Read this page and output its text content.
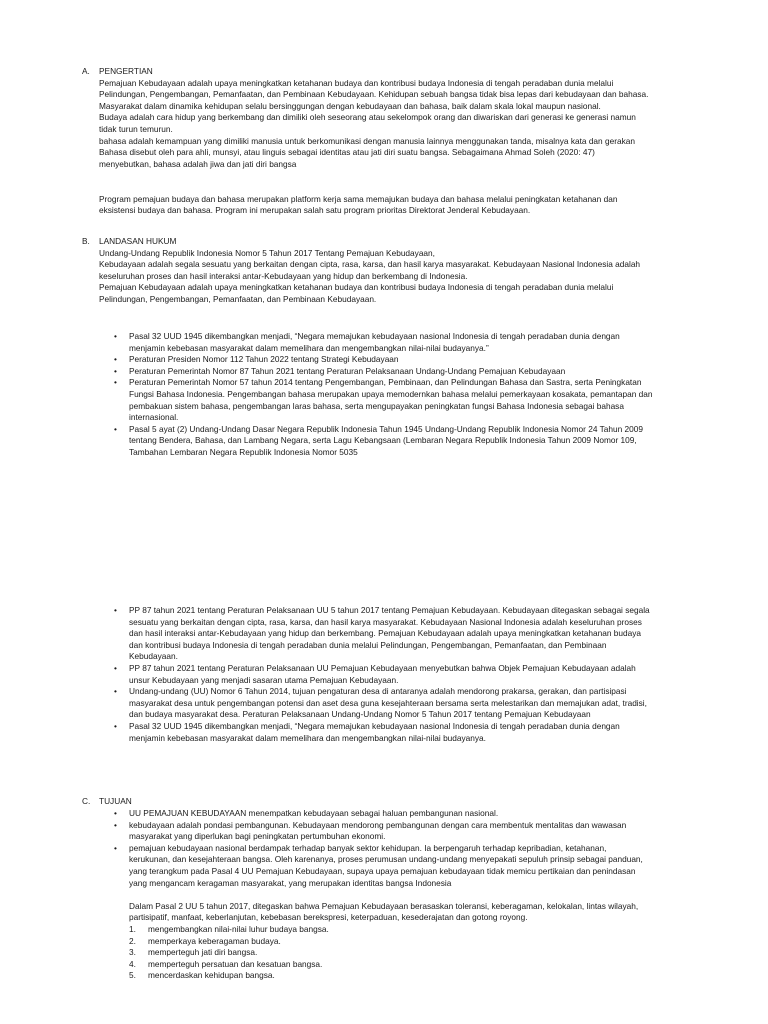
A.	PENGERTIAN

Pemajuan Kebudayaan adalah upaya meningkatkan ketahanan budaya dan kontribusi budaya Indonesia di tengah peradaban dunia melalui

Pelindungan, Pengembangan, Pemanfaatan, dan Pembinaan Kebudayaan. Kehidupan sebuah bangsa tidak bisa lepas dari kebudayaan dan bahasa.

Masyarakat dalam dinamika kehidupan selalu bersinggungan dengan kebudayaan dan bahasa, baik dalam skala lokal maupun nasional.

Budaya adalah cara hidup yang berkembang dan dimiliki oleh seseorang atau sekelompok orang dan diwariskan dari generasi ke generasi namun

tidak turun temurun.

bahasa adalah kemampuan yang dimiliki manusia untuk berkomunikasi dengan manusia lainnya menggunakan tanda, misalnya kata dan gerakan

Bahasa disebut oleh para ahli, munsyi, atau linguis sebagai identitas atau jati diri suatu bangsa. Sebagaimana Ahmad Soleh (2020: 47)

menyebutkan, bahasa adalah jiwa dan jati diri bangsa

Program pemajuan budaya dan bahasa merupakan platform kerja sama memajukan budaya dan bahasa melalui peningkatan ketahanan dan

eksistensi budaya dan bahasa. Program ini merupakan salah satu program prioritas Direktorat Jenderal Kebudayaan.

B.	LANDASAN HUKUM

Undang-Undang Republik Indonesia Nomor 5 Tahun 2017 Tentang Pemajuan Kebudayaan,

Kebudayaan adalah segala sesuatu yang berkaitan dengan cipta, rasa, karsa, dan hasil karya masyarakat. Kebudayaan Nasional Indonesia adalah

keseluruhan proses dan hasil interaksi antar-Kebudayaan yang hidup dan berkembang di Indonesia.

Pemajuan Kebudayaan adalah upaya meningkatkan ketahanan budaya dan kontribusi budaya Indonesia di tengah peradaban dunia melalui

Pelindungan, Pengembangan, Pemanfaatan, dan Pembinaan Kebudayaan.

• Pasal 32 UUD 1945 dikembangkan menjadi, “Negara memajukan kebudayaan nasional Indonesia di tengah peradaban dunia dengan

menjamin kebebasan masyarakat dalam memelihara dan mengembangkan nilai-nilai budayanya.”

• Peraturan Presiden Nomor 112 Tahun 2022 tentang Strategi Kebudayaan

• Peraturan Pemerintah Nomor 87 Tahun 2021 tentang Peraturan Pelaksanaan Undang-Undang Pemajuan Kebudayaan

• Peraturan Pemerintah Nomor 57 tahun 2014 tentang Pengembangan, Pembinaan, dan Pelindungan Bahasa dan Sastra, serta Peningkatan

Fungsi Bahasa Indonesia. Pengembangan bahasa merupakan upaya memodernkan bahasa melalui pemerkayaan kosakata, pemantapan dan

pembakuan sistem bahasa, pengembangan laras bahasa, serta mengupayakan peningkatan fungsi Bahasa Indonesia sebagai bahasa

internasional.

• Pasal 5 ayat (2) Undang-Undang Dasar Negara Republik Indonesia Tahun 1945 Undang-Undang Republik Indonesia Nomor 24 Tahun 2009

tentang Bendera, Bahasa, dan Lambang Negara, serta Lagu Kebangsaan (Lembaran Negara Republik Indonesia Tahun 2009 Nomor 109,

Tambahan Lembaran Negara Republik Indonesia Nomor 5035

• PP 87 tahun 2021 tentang Peraturan Pelaksanaan UU 5 tahun 2017 tentang Pemajuan Kebudayaan. Kebudayaan ditegaskan sebagai segala

sesuatu yang berkaitan dengan cipta, rasa, karsa, dan hasil karya masyarakat. Kebudayaan Nasional Indonesia adalah keseluruhan proses

dan hasil interaksi antar-Kebudayaan yang hidup dan berkembang. Pemajuan Kebudayaan adalah upaya meningkatkan ketahanan budaya

dan kontribusi budaya Indonesia di tengah peradaban dunia melalui Pelindungan, Pengembangan, Pemanfaatan, dan Pembinaan

Kebudayaan.

• PP 87 tahun 2021 tentang Peraturan Pelaksanaan UU Pemajuan Kebudayaan menyebutkan bahwa Objek Pemajuan Kebudayaan adalah

unsur Kebudayaan yang menjadi sasaran utama Pemajuan Kebudayaan.

• Undang-undang (UU) Nomor 6 Tahun 2014, tujuan pengaturan desa di antaranya adalah mendorong prakarsa, gerakan, dan partisipasi

masyarakat desa untuk pengembangan potensi dan aset desa guna kesejahteraan bersama serta melestarikan dan memajukan adat, tradisi,

dan budaya masyarakat desa. Peraturan Pelaksanaan Undang-Undang Nomor 5 Tahun 2017 tentang Pemajuan Kebudayaan

• Pasal 32 UUD 1945 dikembangkan menjadi, “Negara memajukan kebudayaan nasional Indonesia di tengah peradaban dunia dengan

menjamin kebebasan masyarakat dalam memelihara dan mengembangkan nilai-nilai budayanya.

C.	TUJUAN

• UU PEMAJUAN KEBUDAYAAN menempatkan kebudayaan sebagai haluan pembangunan nasional.

• kebudayaan adalah pondasi pembangunan. Kebudayaan mendorong pembangunan dengan cara membentuk mentalitas dan wawasan

masyarakat yang diperlukan bagi peningkatan pertumbuhan ekonomi.

• pemajuan kebudayaan nasional berdampak terhadap banyak sektor kehidupan. Ia berpengaruh terhadap kepribadian, ketahanan,

kerukunan, dan kesejahteraan bangsa. Oleh karenanya, proses perumusan undang-undang menyepakati sepuluh prinsip sebagai panduan,

yang terangkum pada Pasal 4 UU Pemajuan Kebudayaan, supaya upaya pemajuan kebudayaan tidak memicu pertikaian dan penindasan

yang mengancam keragaman masyarakat, yang merupakan identitas bangsa Indonesia

Dalam Pasal 2 UU 5 tahun 2017, ditegaskan bahwa Pemajuan Kebudayaan berasaskan toleransi, keberagaman, kelokalan, lintas wilayah,

partisipatif, manfaat, keberlanjutan, kebebasan berekspresi, keterpaduan, kesederajatan dan gotong royong.

1.	mengembangkan nilai-nilai luhur budaya bangsa.
2.	memperkaya keberagaman budaya.
3.	memperteguh jati diri bangsa.
4.	memperteguh persatuan dan kesatuan bangsa.
5.	mencerdaskan kehidupan bangsa.
